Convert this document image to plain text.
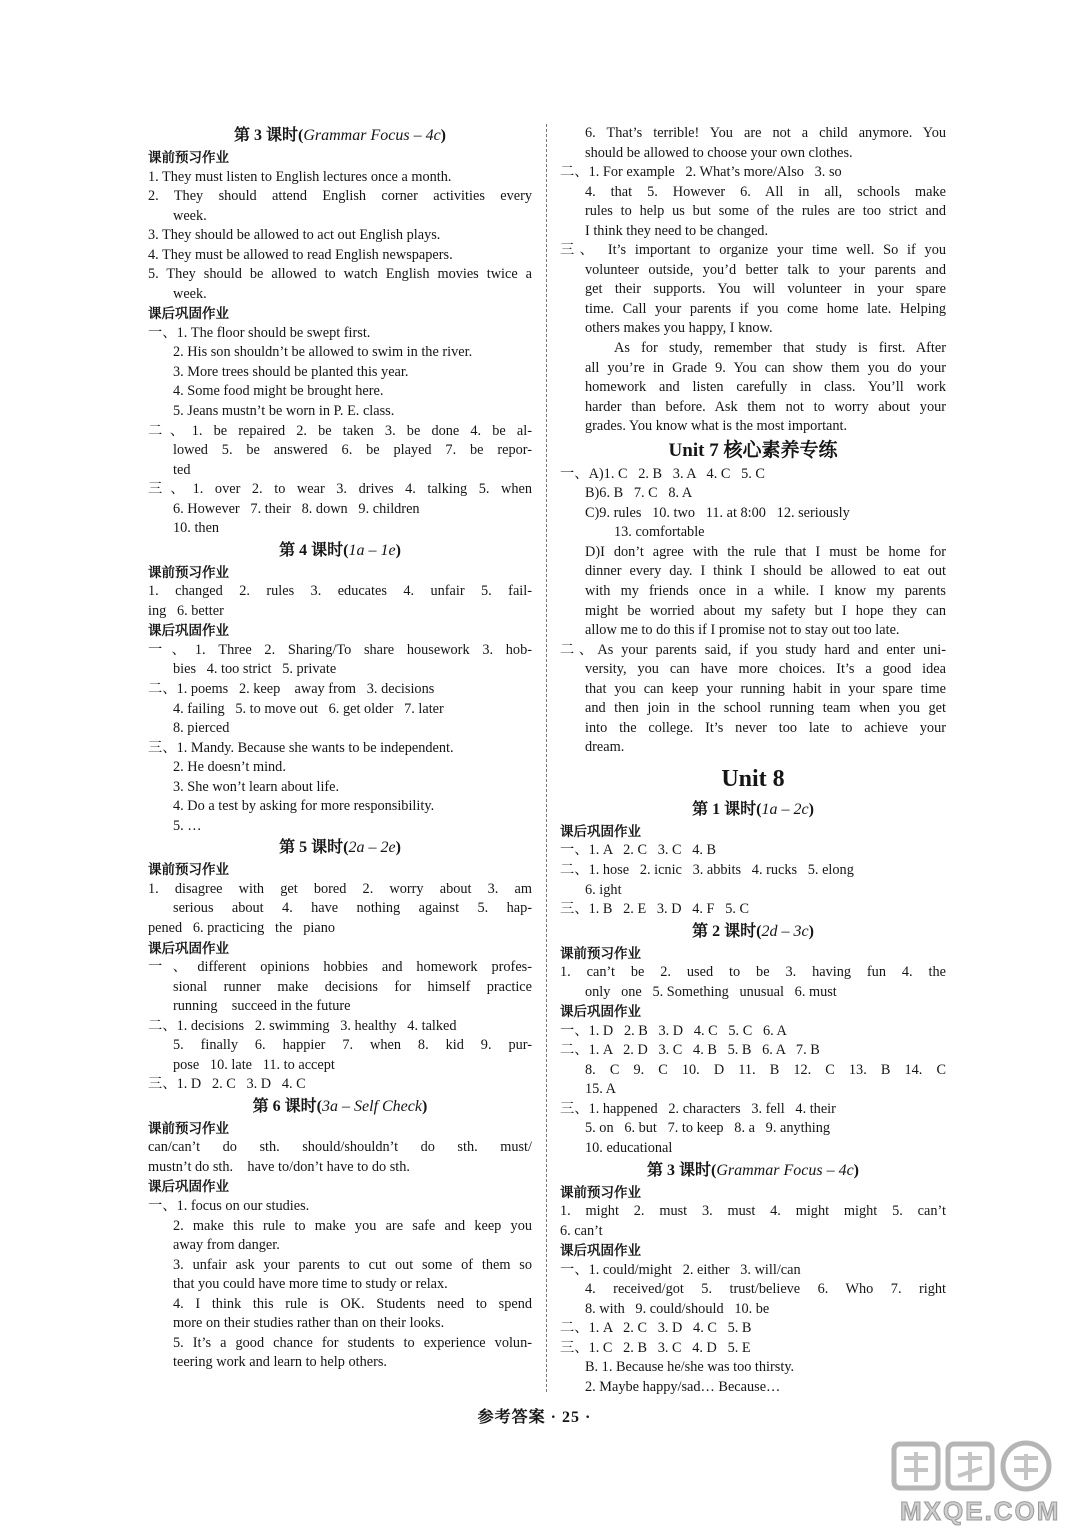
第 3 课时(Grammar Focus – 4c)
课前预习作业
1. They must listen to English lectures once a month.
2. They should attend English corner activities every
week.
3. They should be allowed to act out English plays.
4. They must be allowed to read English newspapers.
5. They should be allowed to watch English movies twice a
week.
课后巩固作业
一、1. The floor should be swept first.
2. His son shouldn’t be allowed to swim in the river.
3. More trees should be planted this year.
4. Some food might be brought here.
5. Jeans mustn’t be worn in P. E. class.
二、1. be repaired 2. be taken 3. be done 4. be al-
lowed 5. be answered 6. be played 7. be repor-
ted
三、1. over 2. to wear 3. drives 4. talking 5. when
6. However   7. their   8. down   9. children
10. then
第 4 课时(1a – 1e)
课前预习作业
1. changed 2. rules 3. educates 4. unfair 5. fail-
ing   6. better
课后巩固作业
一、1. Three 2. Sharing/To share housework 3. hob-
bies   4. too strict   5. private
二、1. poems   2. keep    away from   3. decisions
4. failing   5. to move out   6. get older   7. later
8. pierced
三、1. Mandy. Because she wants to be independent.
2. He doesn’t mind.
3. She won’t learn about life.
4. Do a test by asking for more responsibility.
5. …
第 5 课时(2a – 2e)
课前预习作业
1. disagree with get bored 2. worry about 3. am
serious about 4. have nothing against 5. hap-
pened   6. practicing   the   piano
课后巩固作业
一、different opinions hobbies and homework profes-
sional runner make decisions for himself practice
running    succeed in the future
二、1. decisions   2. swimming   3. healthy   4. talked
5. finally 6. happier 7. when 8. kid 9. pur-
pose   10. late   11. to accept
三、1. D   2. C   3. D   4. C
第 6 课时(3a – Self Check)
课前预习作业
can/can’t do sth. should/shouldn’t do sth. must/
mustn’t do sth.    have to/don’t have to do sth.
课后巩固作业
一、1. focus on our studies.
2. make this rule to make you are safe and keep you
away from danger.
3. unfair ask your parents to cut out some of them so
that you could have more time to study or relax.
4. I think this rule is OK. Students need to spend
more on their studies rather than on their looks.
5. It’s a good chance for students to experience volun-
teering work and learn to help others.
6. That’s terrible! You are not a child anymore. You
should be allowed to choose your own clothes.
二、1. For example   2. What’s more/Also   3. so
4. that 5. However 6. All in all, schools make
rules to help us but some of the rules are too strict and
I think they need to be changed.
三、 It’s important to organize your time well. So if you
volunteer outside, you’d better talk to your parents and
get their supports. You will volunteer in your spare
time. Call your parents if you come home late. Helping
others makes you happy, I know.
As for study, remember that study is first. After
all you’re in Grade 9. You can show them you do your
homework and listen carefully in class. You’ll work
harder than before. Ask them not to worry about your
grades. You know what is the most important.
Unit 7 核心素养专练
一、A)1. C   2. B   3. A   4. C   5. C
B)6. B   7. C   8. A
C)9. rules   10. two   11. at 8:00   12. seriously
13. comfortable
D)I don’t agree with the rule that I must be home for
dinner every day. I think I should be allowed to eat out
with my friends once in a while. I know my parents
might be worried about my safety but I hope they can
allow me to do this if I promise not to stay out too late.
二、As your parents said, if you study hard and enter uni-
versity, you can have more choices. It’s a good idea
that you can keep your running habit in your spare time
and then join in the school running team when you get
into the college. It’s never too late to achieve your
dream.
Unit 8
第 1 课时(1a – 2c)
课后巩固作业
一、1. A   2. C   3. C   4. B
二、1. hose   2. icnic   3. abbits   4. rucks   5. elong
6. ight
三、1. B   2. E   3. D   4. F   5. C
第 2 课时(2d – 3c)
课前预习作业
1. can’t be 2. used to be 3. having fun 4. the
only   one   5. Something   unusual   6. must
课后巩固作业
一、1. D   2. B   3. D   4. C   5. C   6. A
二、1. A   2. D   3. C   4. B   5. B   6. A   7. B
8. C 9. C 10. D 11. B 12. C 13. B 14. C
15. A
三、1. happened   2. characters   3. fell   4. their
5. on   6. but   7. to keep   8. a   9. anything
10. educational
第 3 课时(Grammar Focus – 4c)
课前预习作业
1. might 2. must 3. must 4. might might 5. can’t
6. can’t
课后巩固作业
一、1. could/might   2. either   3. will/can
4. received/got 5. trust/believe 6. Who 7. right
8. with   9. could/should   10. be
二、1. A   2. C   3. D   4. C   5. B
三、1. C   2. B   3. C   4. D   5. E
B. 1. Because he/she was too thirsty.
2. Maybe happy/sad… Because…
参考答案 · 25 ·
MXQE.COM
